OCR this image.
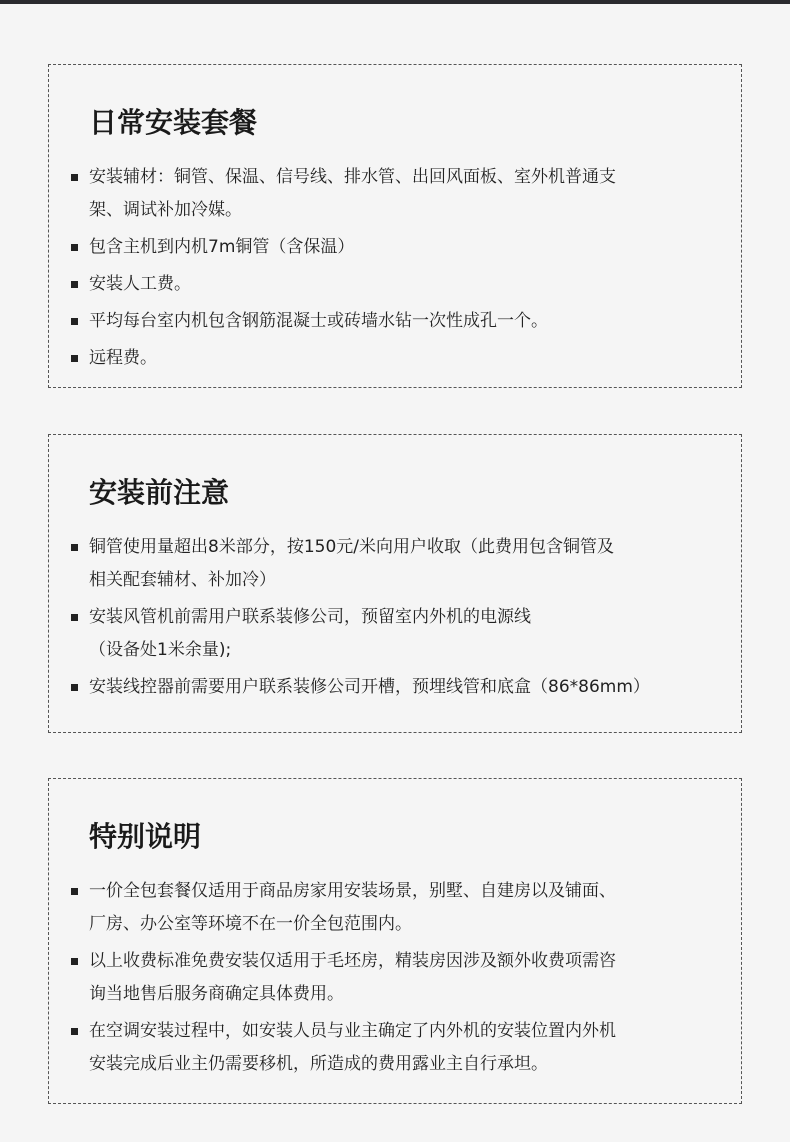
日常安装套餐
安装辅材：铜管、保温、信号线、排水管、出回风面板、室外机普通支
架、调试补加冷媒。
包含主机到内机7m铜管（含保温）
安装人工费。
平均每台室内机包含钢筋混凝士或砖墙水钻一次性成孔一个。
远程费。
安装前注意
铜管使用量超出8米部分，按150元/米向用户收取（此费用包含铜管及
相关配套辅材、补加冷）
安装风管机前需用户联系装修公司，预留室内外机的电源线
（设备处1米余量);
安装线控器前需要用户联系装修公司开槽，预埋线管和底盒（86*86mm）
特别说明
一价全包套餐仅适用于商品房家用安装场景，别墅、自建房以及铺面、
厂房、办公室等环境不在一价全包范围内。
以上收费标准免费安装仅适用于毛坯房，精装房因涉及额外收费项需咨
询当地售后服务商确定具体费用。
在空调安装过程中，如安装人员与业主确定了内外机的安装位置内外机
安装完成后业主仍需要移机，所造成的费用露业主自行承坦。
